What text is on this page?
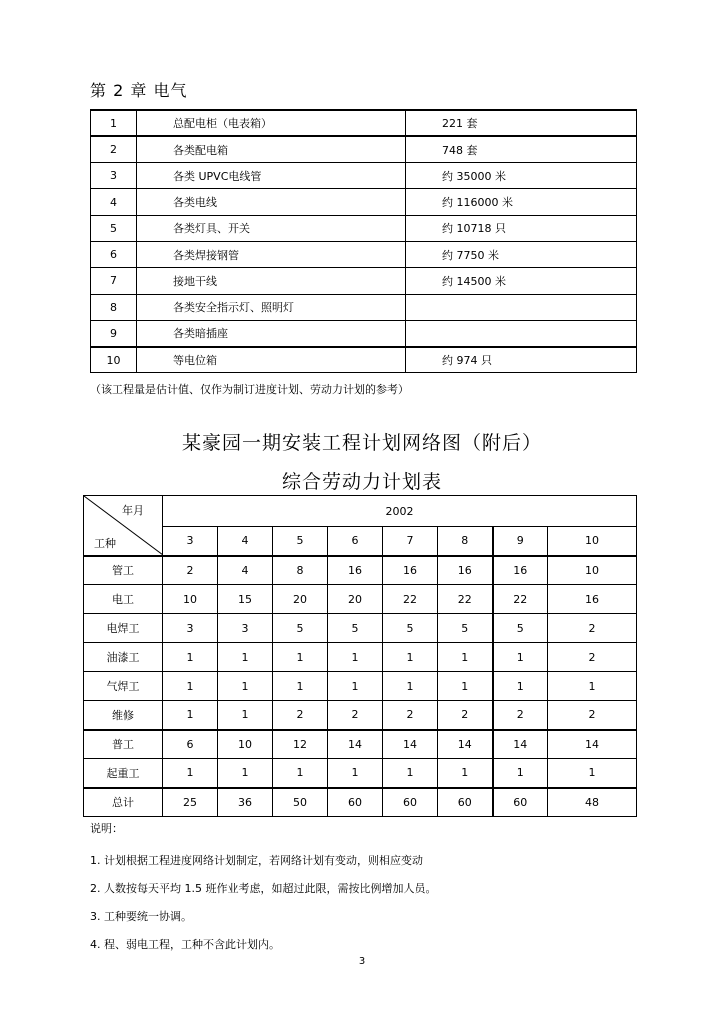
第 2 章 电气
1	总配电柜（电表箱）	221 套
2	各类配电箱	748 套
3	各类 UPVC电线管	约 35000 米
4	各类电线	约 116000 米
5	各类灯具、开关	约 10718 只
6	各类焊接钢管	约 7750 米
7	接地干线	约 14500 米
8	各类安全指示灯、照明灯	
9	各类暗插座	
10	等电位箱	约 974 只
（该工程量是估计值、仅作为制订进度计划、劳动力计划的参考）
某豪园一期安装工程计划网络图（附后）
综合劳动力计划表
年月
工种	2002							
	3	4	5	6	7	8	9	10
管工	2	4	8	16	16	16	16	10
电工	10	15	20	20	22	22	22	16
电焊工	3	3	5	5	5	5	5	2
油漆工	1	1	1	1	1	1	1	2
气焊工	1	1	1	1	1	1	1	1
维修	1	1	2	2	2	2	2	2
普工	6	10	12	14	14	14	14	14
起重工	1	1	1	1	1	1	1	1
总计	25	36	50	60	60	60	60	48
说明：
1. 计划根据工程进度网络计划制定，若网络计划有变动，则相应变动
2. 人数按每天平均 1.5 班作业考虑，如超过此限，需按比例增加人员。
3. 工种要统一协调。
4. 程、弱电工程，工种不含此计划内。
3
